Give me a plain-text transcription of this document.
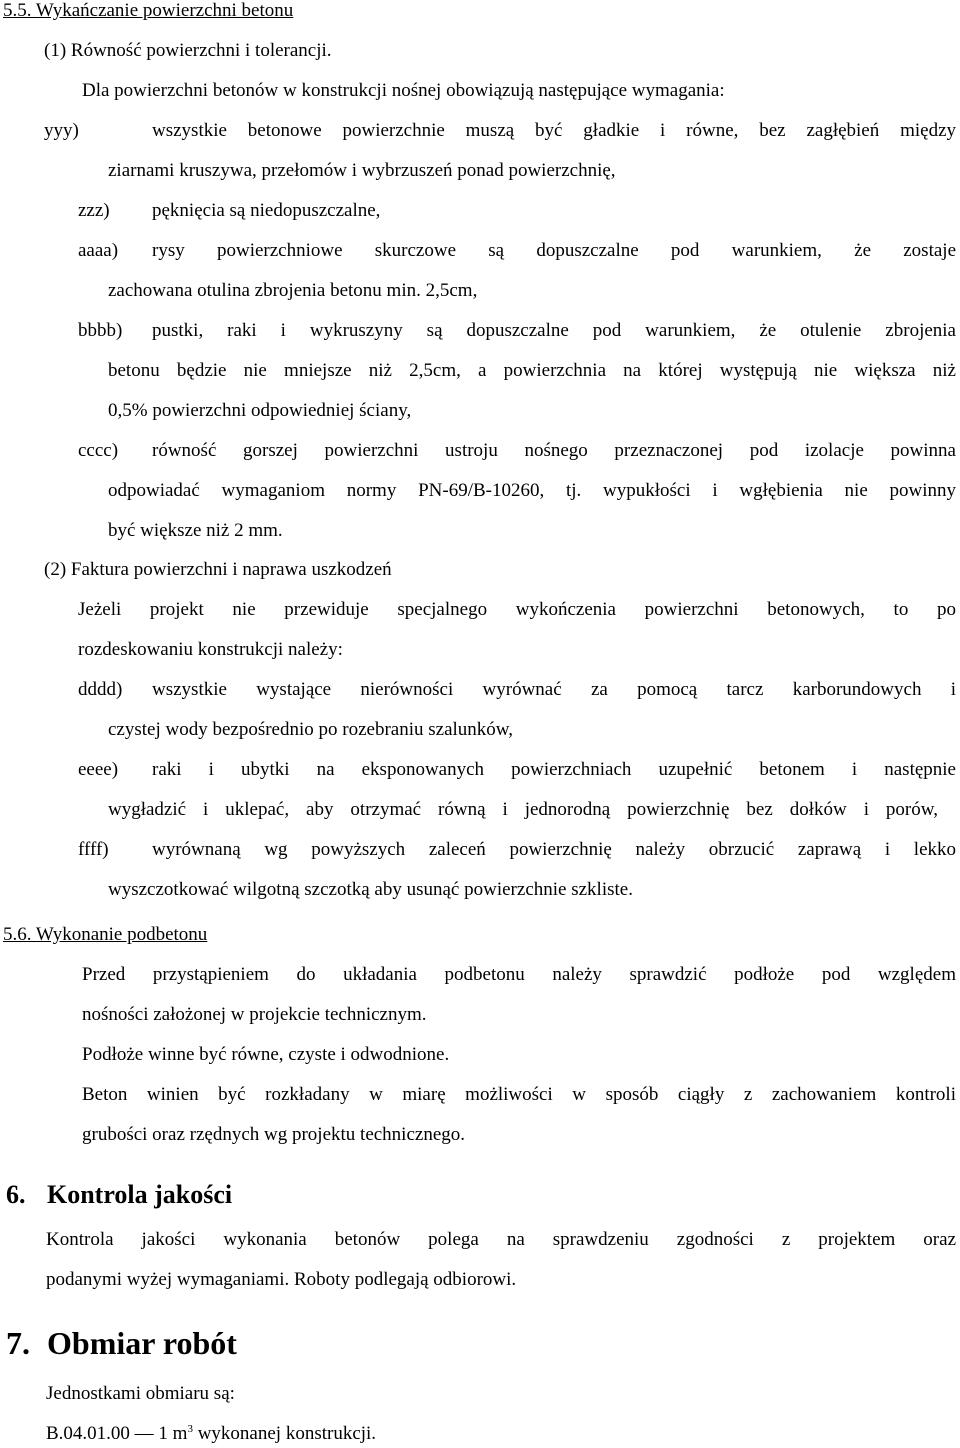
5.5. Wykańczanie powierzchni betonu
(1) Równość powierzchni i tolerancji.
Dla powierzchni betonów w konstrukcji nośnej obowiązują następujące wymagania:
yyy)	wszystkie betonowe powierzchnie muszą być gładkie i równe, bez zagłębień między
ziarnami kruszywa, przełomów i wybrzuszeń ponad powierzchnię,
zzz) pęknięcia są niedopuszczalne,
aaaa) rysy powierzchniowe skurczowe są dopuszczalne pod warunkiem, że zostaje
zachowana otulina zbrojenia betonu min. 2,5cm,
bbbb) pustki, raki i wykruszyny są dopuszczalne pod warunkiem, że otulenie zbrojenia
betonu będzie nie mniejsze niż 2,5cm, a powierzchnia na której występują nie większa niż
0,5% powierzchni odpowiedniej ściany,
cccc) równość gorszej powierzchni ustroju nośnego przeznaczonej pod izolacje powinna
odpowiadać wymaganiom normy PN-69/B-10260, tj. wypukłości i wgłębienia nie powinny
być większe niż 2 mm.
(2) Faktura powierzchni i naprawa uszkodzeń
Jeżeli projekt nie przewiduje specjalnego wykończenia powierzchni betonowych, to po
rozdeskowaniu konstrukcji należy:
dddd) wszystkie wystające nierówności wyrównać za pomocą tarcz karborundowych i
czystej wody bezpośrednio po rozebraniu szalunków,
eeee) raki i ubytki na eksponowanych powierzchniach uzupełnić betonem i następnie
wygładzić i uklepać, aby otrzymać równą i jednorodną powierzchnię bez dołków i porów,
ffff) wyrównaną wg powyższych zaleceń powierzchnię należy obrzucić zaprawą i lekko
wyszczotkować wilgotną szczotką aby usunąć powierzchnie szkliste.
5.6. Wykonanie podbetonu
Przed przystąpieniem do układania podbetonu należy sprawdzić podłoże pod względem
nośności założonej w projekcie technicznym.
Podłoże winne być równe, czyste i odwodnione.
Beton winien być rozkładany w miarę możliwości w sposób ciągły z zachowaniem kontroli
grubości oraz rzędnych wg projektu technicznego.
6. Kontrola jakości
Kontrola jakości wykonania betonów polega na sprawdzeniu zgodności z projektem oraz
podanymi wyżej wymaganiami. Roboty podlegają odbiorowi.
7. Obmiar robót
Jednostkami obmiaru są:
B.04.01.00 — 1 $m^3$ wykonanej konstrukcji.
